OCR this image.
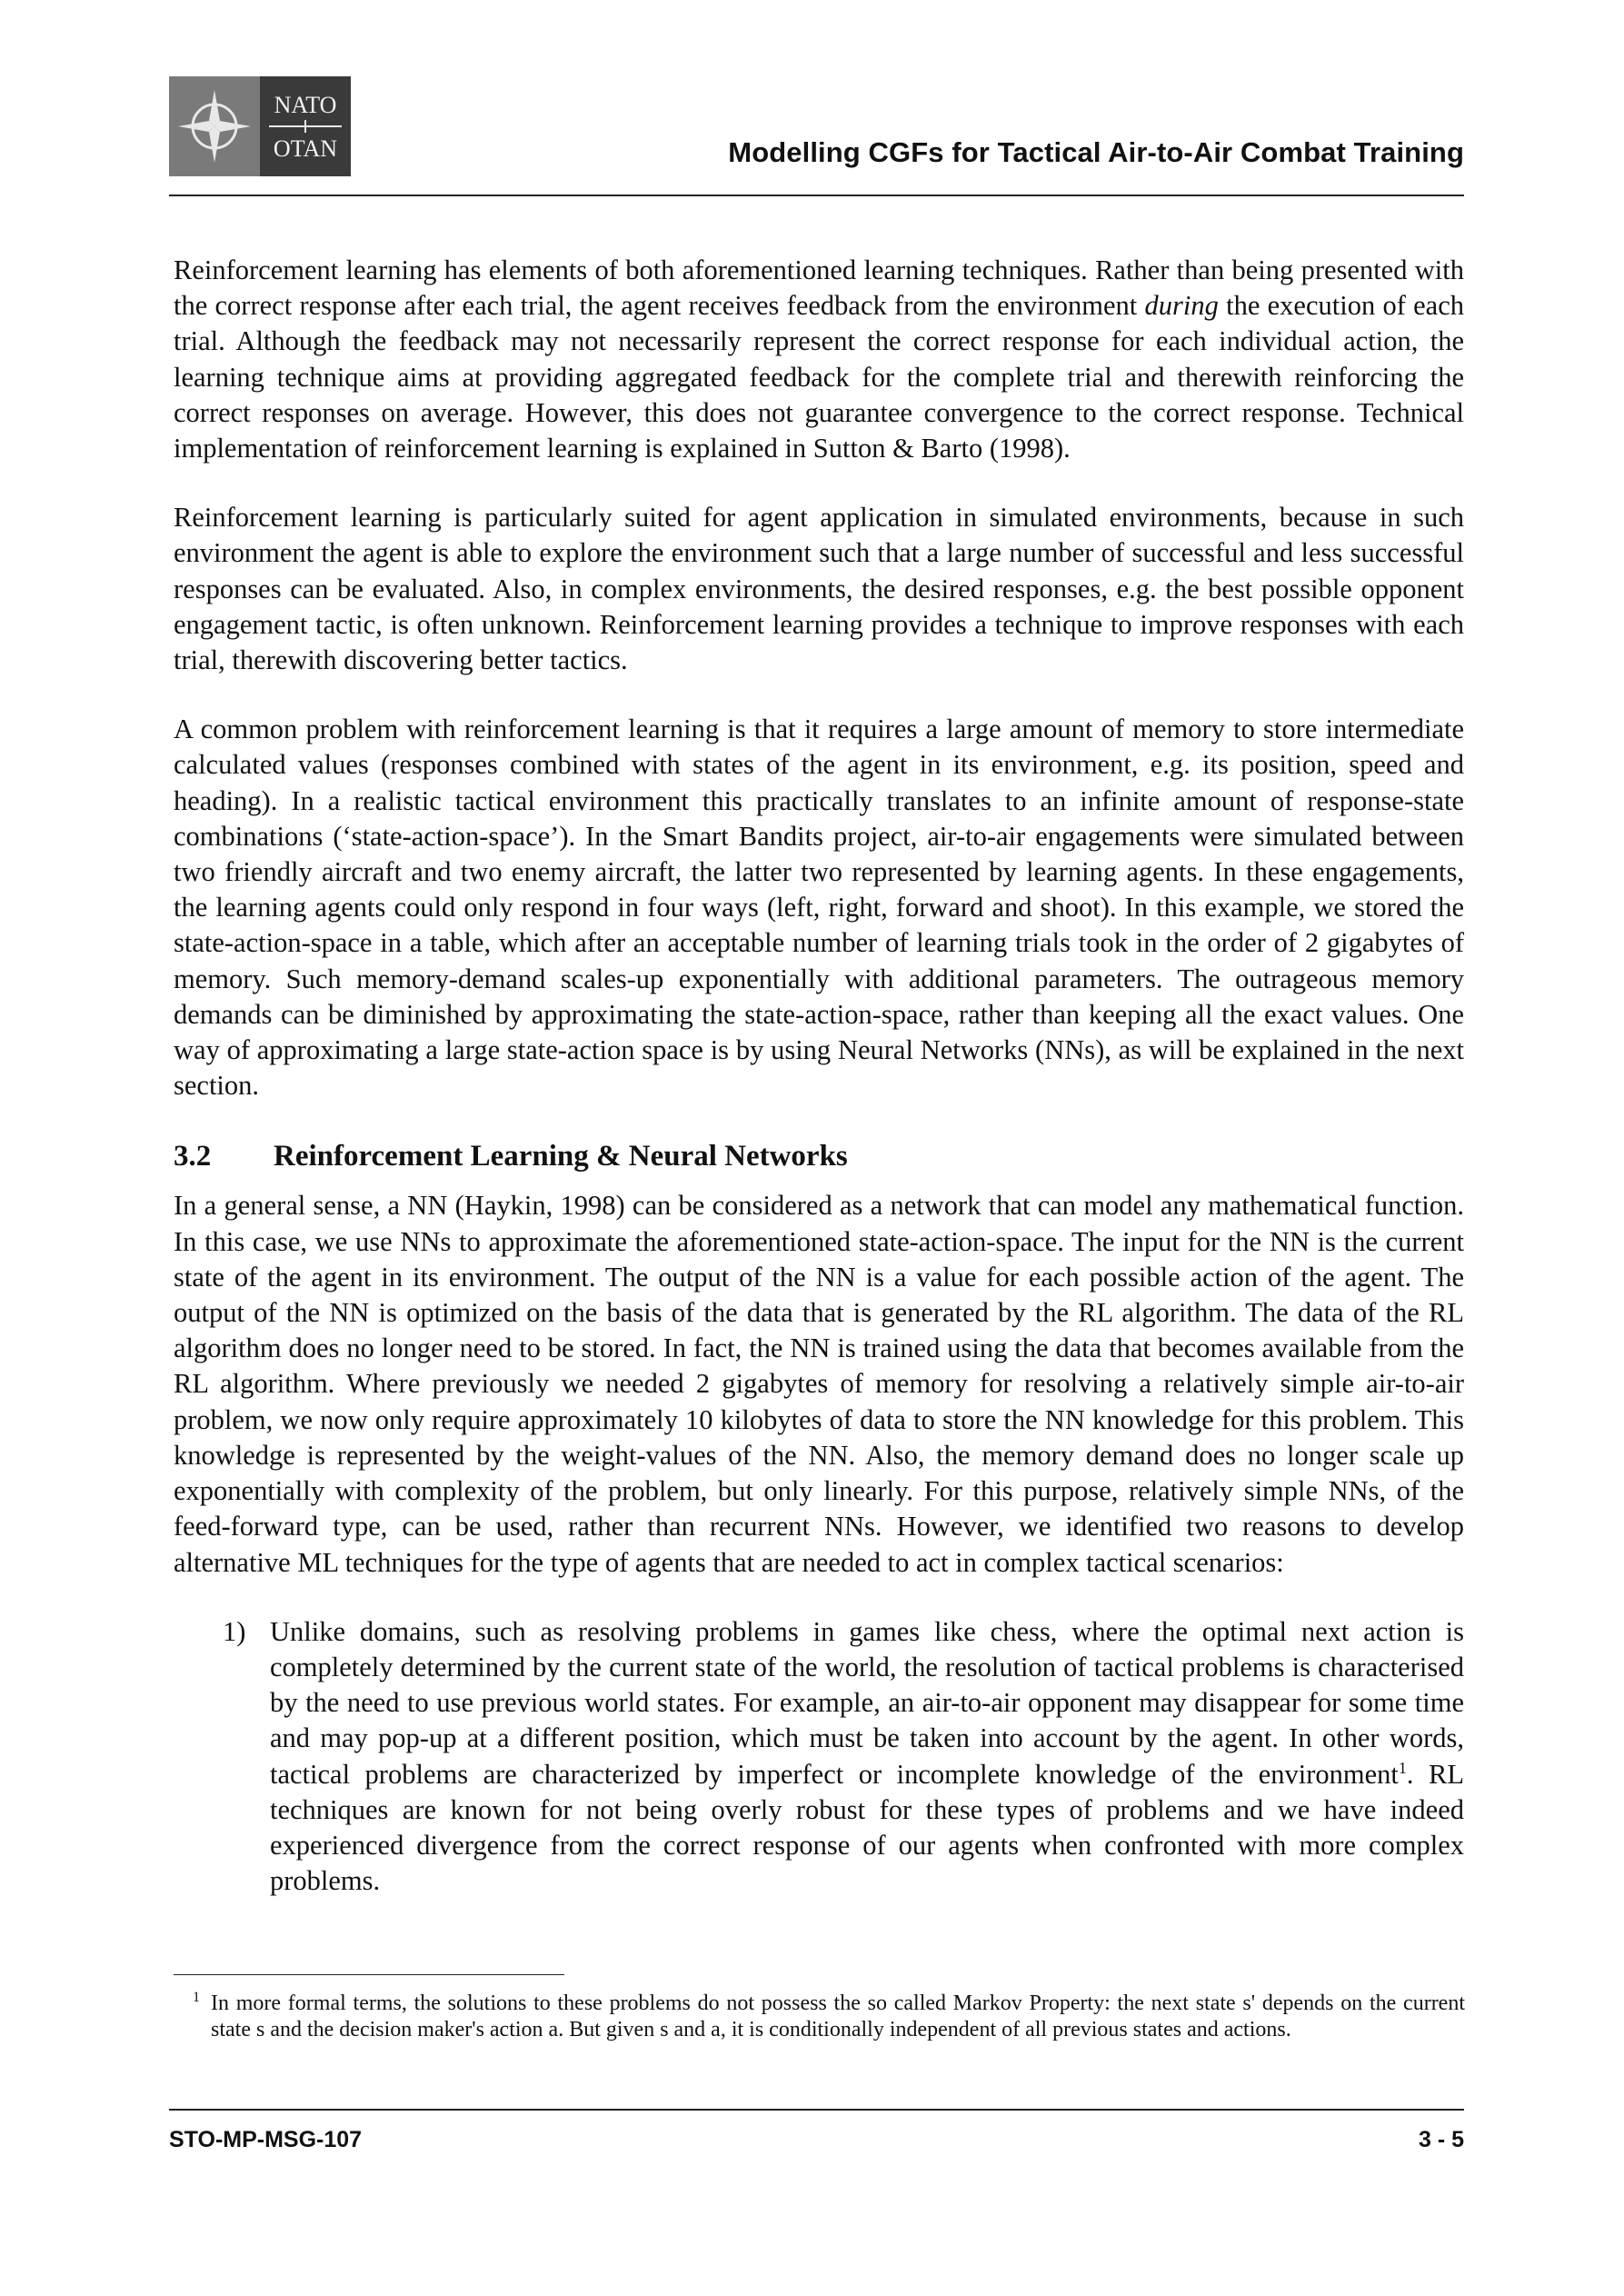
NATO
OTAN	Modelling CGFs for Tactical Air-to-Air Combat Training

Reinforcement learning has elements of both aforementioned learning techniques. Rather than being presented with the correct response after each trial, the agent receives feedback from the environment during the execution of each trial. Although the feedback may not necessarily represent the correct response for each individual action, the learning technique aims at providing aggregated feedback for the complete trial and therewith reinforcing the correct responses on average. However, this does not guarantee convergence to the correct response. Technical implementation of reinforcement learning is explained in Sutton & Barto (1998).

Reinforcement learning is particularly suited for agent application in simulated environments, because in such environment the agent is able to explore the environment such that a large number of successful and less successful responses can be evaluated. Also, in complex environments, the desired responses, e.g. the best possible opponent engagement tactic, is often unknown. Reinforcement learning provides a technique to improve responses with each trial, therewith discovering better tactics.

A common problem with reinforcement learning is that it requires a large amount of memory to store intermediate calculated values (responses combined with states of the agent in its environment, e.g. its position, speed and heading). In a realistic tactical environment this practically translates to an infinite amount of response-state combinations (‘state-action-space’). In the Smart Bandits project, air-to-air engagements were simulated between two friendly aircraft and two enemy aircraft, the latter two represented by learning agents. In these engagements, the learning agents could only respond in four ways (left, right, forward and shoot). In this example, we stored the state-action-space in a table, which after an acceptable number of learning trials took in the order of 2 gigabytes of memory. Such memory-demand scales-up exponentially with additional parameters. The outrageous memory demands can be diminished by approximating the state-action-space, rather than keeping all the exact values. One way of approximating a large state-action space is by using Neural Networks (NNs), as will be explained in the next section.

3.2 Reinforcement Learning & Neural Networks

In a general sense, a NN (Haykin, 1998) can be considered as a network that can model any mathematical function. In this case, we use NNs to approximate the aforementioned state-action-space. The input for the NN is the current state of the agent in its environment. The output of the NN is a value for each possible action of the agent. The output of the NN is optimized on the basis of the data that is generated by the RL algorithm. The data of the RL algorithm does no longer need to be stored. In fact, the NN is trained using the data that becomes available from the RL algorithm. Where previously we needed 2 gigabytes of memory for resolving a relatively simple air-to-air problem, we now only require approximately 10 kilobytes of data to store the NN knowledge for this problem. This knowledge is represented by the weight-values of the NN. Also, the memory demand does no longer scale up exponentially with complexity of the problem, but only linearly. For this purpose, relatively simple NNs, of the feed-forward type, can be used, rather than recurrent NNs. However, we identified two reasons to develop alternative ML techniques for the type of agents that are needed to act in complex tactical scenarios:

1) Unlike domains, such as resolving problems in games like chess, where the optimal next action is completely determined by the current state of the world, the resolution of tactical problems is characterised by the need to use previous world states. For example, an air-to-air opponent may disappear for some time and may pop-up at a different position, which must be taken into account by the agent. In other words, tactical problems are characterized by imperfect or incomplete knowledge of the environment$^1$. RL techniques are known for not being overly robust for these types of problems and we have indeed experienced divergence from the correct response of our agents when confronted with more complex problems.
1 In more formal terms, the solutions to these problems do not possess the so called Markov Property: the next state s' depends on the current state s and the decision maker's action a. But given s and a, it is conditionally independent of all previous states and actions.
STO-MP-MSG-107	3 - 5
